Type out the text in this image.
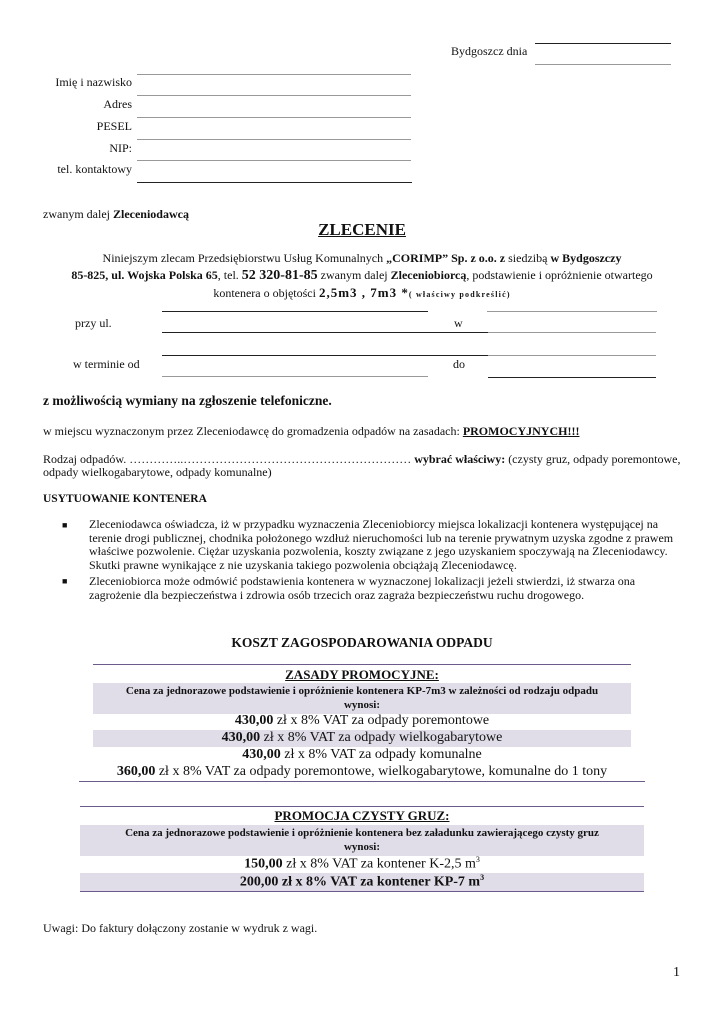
Bydgoszcz dnia
Imię i nazwisko
Adres
PESEL
NIP:
tel. kontaktowy
zwanym dalej Zleceniodawcą
ZLECENIE
Niniejszym zlecam Przedsiębiorstwu Usług Komunalnych „CORIMP” Sp. z o.o. z siedzibą w Bydgoszczy
85-825, ul. Wojska Polska 65, tel. 52 320-81-85 zwanym dalej Zleceniobiorcą, podstawienie i opróżnienie otwartego
kontenera o objętości 2,5m3 , 7m3 *( właściwy podkreślić)
przy ul.	w
w terminie od	do
z możliwością wymiany na zgłoszenie telefoniczne.
w miejscu wyznaczonym przez Zleceniodawcę do gromadzenia odpadów na zasadach: PROMOCYJNYCH!!!
Rodzaj odpadów. …………..………………………………………………… wybrać właściwy: (czysty gruz, odpady poremontowe,
odpady wielkogabarytowe, odpady komunalne)
USYTUOWANIE KONTENERA
■ Zleceniodawca oświadcza, iż w przypadku wyznaczenia Zleceniobiorcy miejsca lokalizacji kontenera występującej na
terenie drogi publicznej, chodnika położonego wzdłuż nieruchomości lub na terenie prywatnym uzyska zgodne z prawem
właściwe pozwolenie. Ciężar uzyskania pozwolenia, koszty związane z jego uzyskaniem spoczywają na Zleceniodawcy.
Skutki prawne wynikające z nie uzyskania takiego pozwolenia obciążają Zleceniodawcę.
■ Zleceniobiorca może odmówić podstawienia kontenera w wyznaczonej lokalizacji jeżeli stwierdzi, iż stwarza ona
zagrożenie dla bezpieczeństwa i zdrowia osób trzecich oraz zagraża bezpieczeństwu ruchu drogowego.
KOSZT ZAGOSPODAROWANIA ODPADU
ZASADY PROMOCYJNE:
Cena za jednorazowe podstawienie i opróżnienie kontenera KP-7m3 w zależności od rodzaju odpadu
wynosi:
430,00 zł x 8% VAT za odpady poremontowe
430,00 zł x 8% VAT za odpady wielkogabarytowe
430,00 zł x 8% VAT za odpady komunalne
360,00 zł x 8% VAT za odpady poremontowe, wielkogabarytowe, komunalne do 1 tony
PROMOCJA CZYSTY GRUZ:
Cena za jednorazowe podstawienie i opróżnienie kontenera bez załadunku zawierającego czysty gruz
wynosi:
150,00 zł x 8% VAT za kontener K-2,5 $m^3$
200,00 zł x 8% VAT za kontener KP-7 $m^3$
Uwagi: Do faktury dołączony zostanie w wydruk z wagi.
1
